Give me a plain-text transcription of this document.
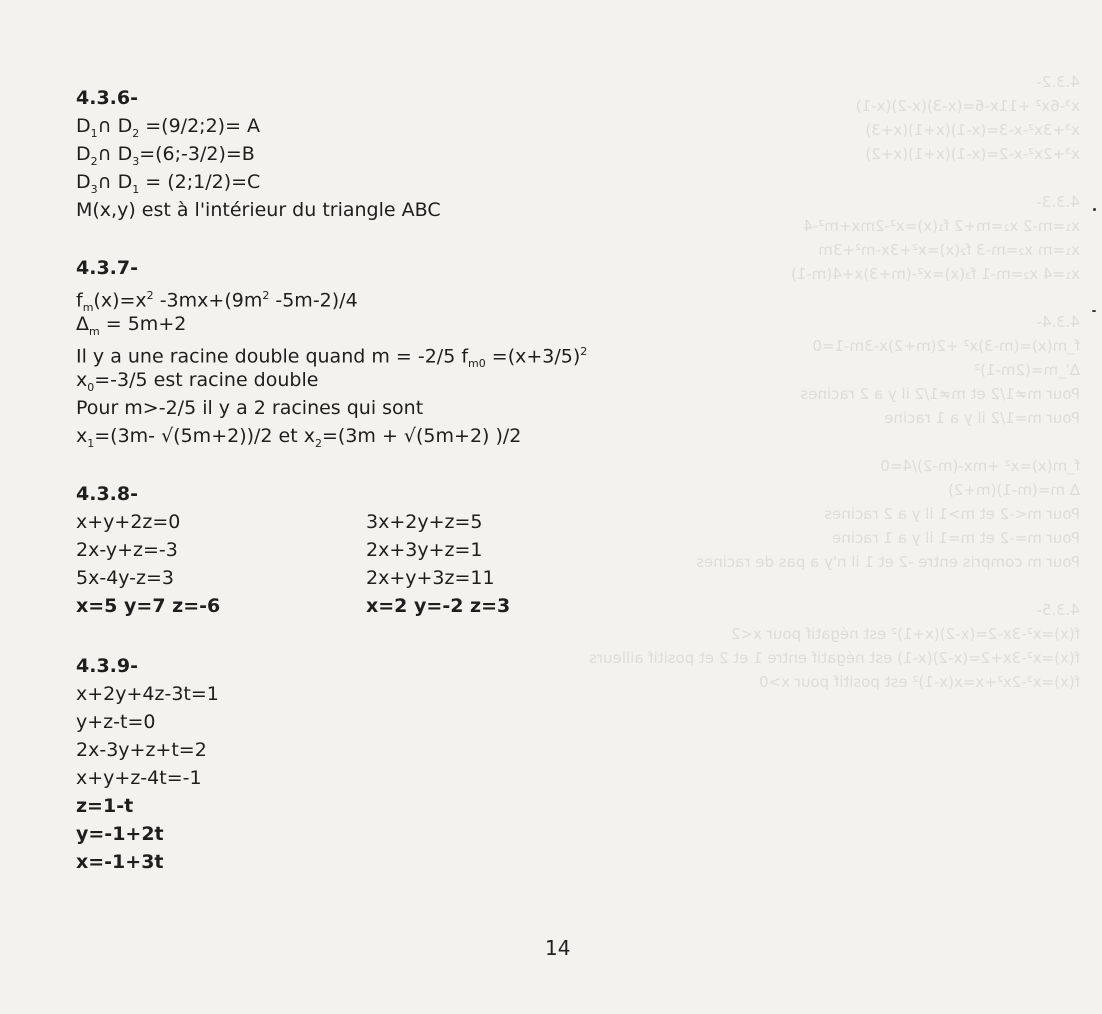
4.3.2-
x³-6x² +11x-6=(x-3)(x-2)(x-1)
x³+3x²-x-3=(x-1)(x+1)(x+3)
x³+2x²-x-2=(x-1)(x+1)(x+2)
4.3.3-
x₁=m-2 x₂=m+2 f₁(x)=x²-2mx+m²-4
x₁=m x₂=m-3 f₂(x)=x²+3x-m²+3m
x₁=4 x₂=m-1 f₃(x)=x²-(m+3)x+4(m-1)
4.3.4-
f_m(x)=(m-3)x² +2(m+2)x-3m-1=0
Δ'_m=(2m-1)²
Pour m≠1/2 et m≠1/2 il y a 2 racines
Pour m=1/2 il y a 1 racine
f_m(x)=x² +mx-(m-2)/4=0
Δ m=(m-1)(m+2)
Pour m<-2 et m>1 il y a 2 racines
Pour m=-2 et m=1 il y a 1 racine
Pour m compris entre -2 et 1 il n'y a pas de racines
4.3.5-
f(x)=x²-3x-2=(x-2)(x+1)² est négatif pour x<2
f(x)=x²-3x+2=(x-2)(x-1) est négatif entre 1 et 2 et positif ailleurs
f(x)=x³-2x²+x=x(x-1)² est positif pour x>0
4.3.6-
$D_1\cap$ $D_2$ =(9/2;2)= A
$D_2\cap$ $D_3=(6;-3/2)=B$
$D_3\cap$ $D_1$ = (2;1/2)=C
M(x,y) est à l'intérieur du triangle ABC
4.3.7-
$f_m(x)=x^2$ $-3mx+(9m^2$ -5m-2)/4
$\Delta_m = 5m+2$
Il y a une racine double quand m = -2/5 $f_{m0} =(x+3/5)^2$
$x_0=-3/5$ est racine double
Pour m>-2/5 il y a 2 racines qui sont
$x_1=(3m-$ √(5m+2))/2 et $x_2=(3m + √(5m+2)$ )/2
4.3.8-
x+y+2z=0
2x-y+z=-3
5x-4y-z=3
x=5 y=7 z=-6
3x+2y+z=5
2x+3y+z=1
2x+y+3z=11
x=2 y=-2 z=3
4.3.9-
x+2y+4z-3t=1
y+z-t=0
2x-3y+z+t=2
x+y+z-4t=-1
z=1-t
y=-1+2t
x=-1+3t
14
